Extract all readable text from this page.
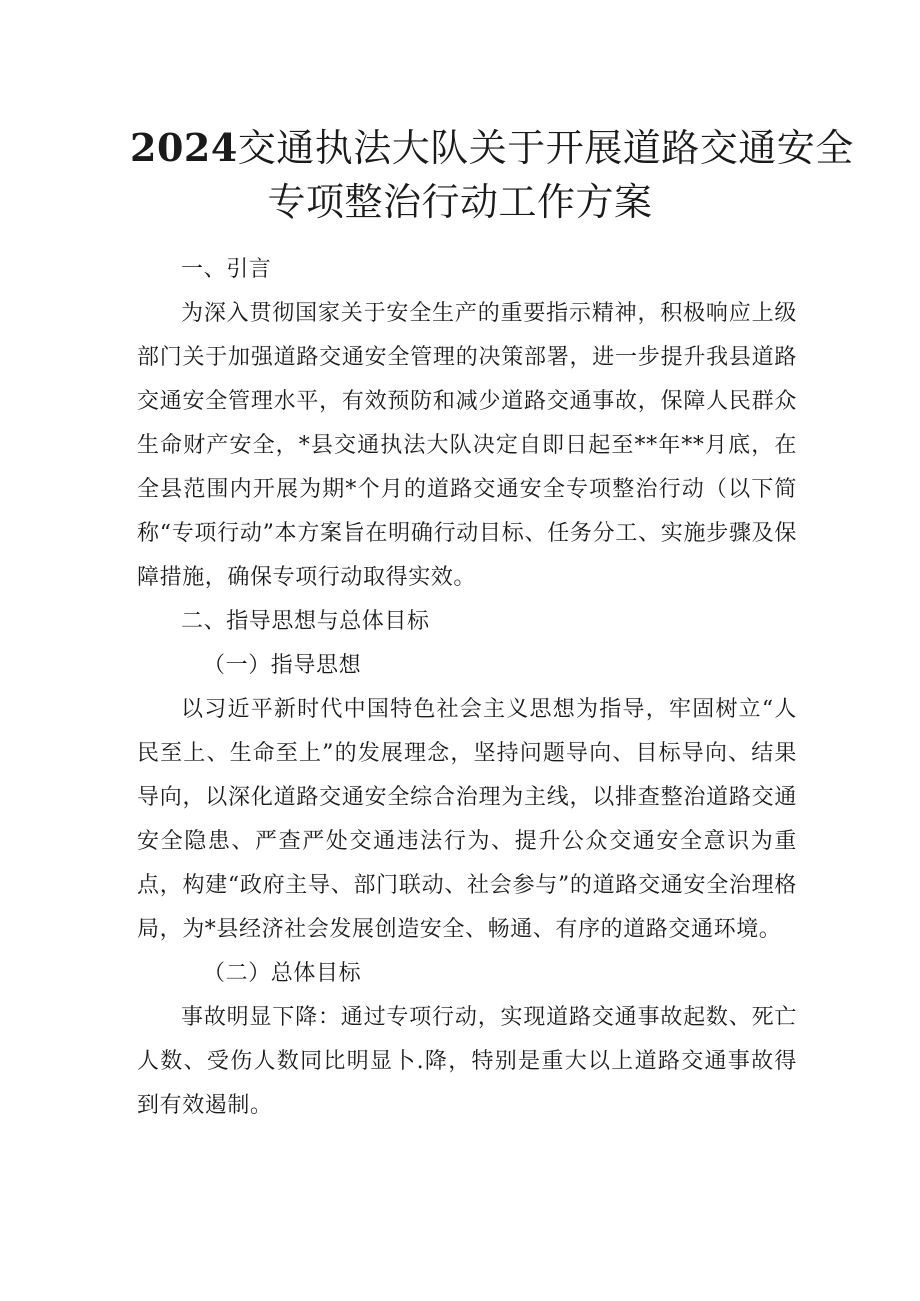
2024交通执法大队关于开展道路交通安全
专项整治行动工作方案

一、引言

为深入贯彻国家关于安全生产的重要指示精神，积极响应上级部门关于加强道路交通安全管理的决策部署，进一步提升我县道路交通安全管理水平，有效预防和减少道路交通事故，保障人民群众生命财产安全，*县交通执法大队决定自即日起至**年**月底，在全县范围内开展为期*个月的道路交通安全专项整治行动（以下简称“专项行动”本方案旨在明确行动目标、任务分工、实施步骤及保障措施，确保专项行动取得实效。

二、指导思想与总体目标

（一）指导思想

以习近平新时代中国特色社会主义思想为指导，牢固树立“人民至上、生命至上”的发展理念，坚持问题导向、目标导向、结果导向，以深化道路交通安全综合治理为主线，以排查整治道路交通安全隐患、严查严处交通违法行为、提升公众交通安全意识为重点，构建“政府主导、部门联动、社会参与”的道路交通安全治理格局，为*县经济社会发展创造安全、畅通、有序的道路交通环境。

（二）总体目标

事故明显下降：通过专项行动，实现道路交通事故起数、死亡人数、受伤人数同比明显卜.降，特别是重大以上道路交通事故得到有效遏制。
